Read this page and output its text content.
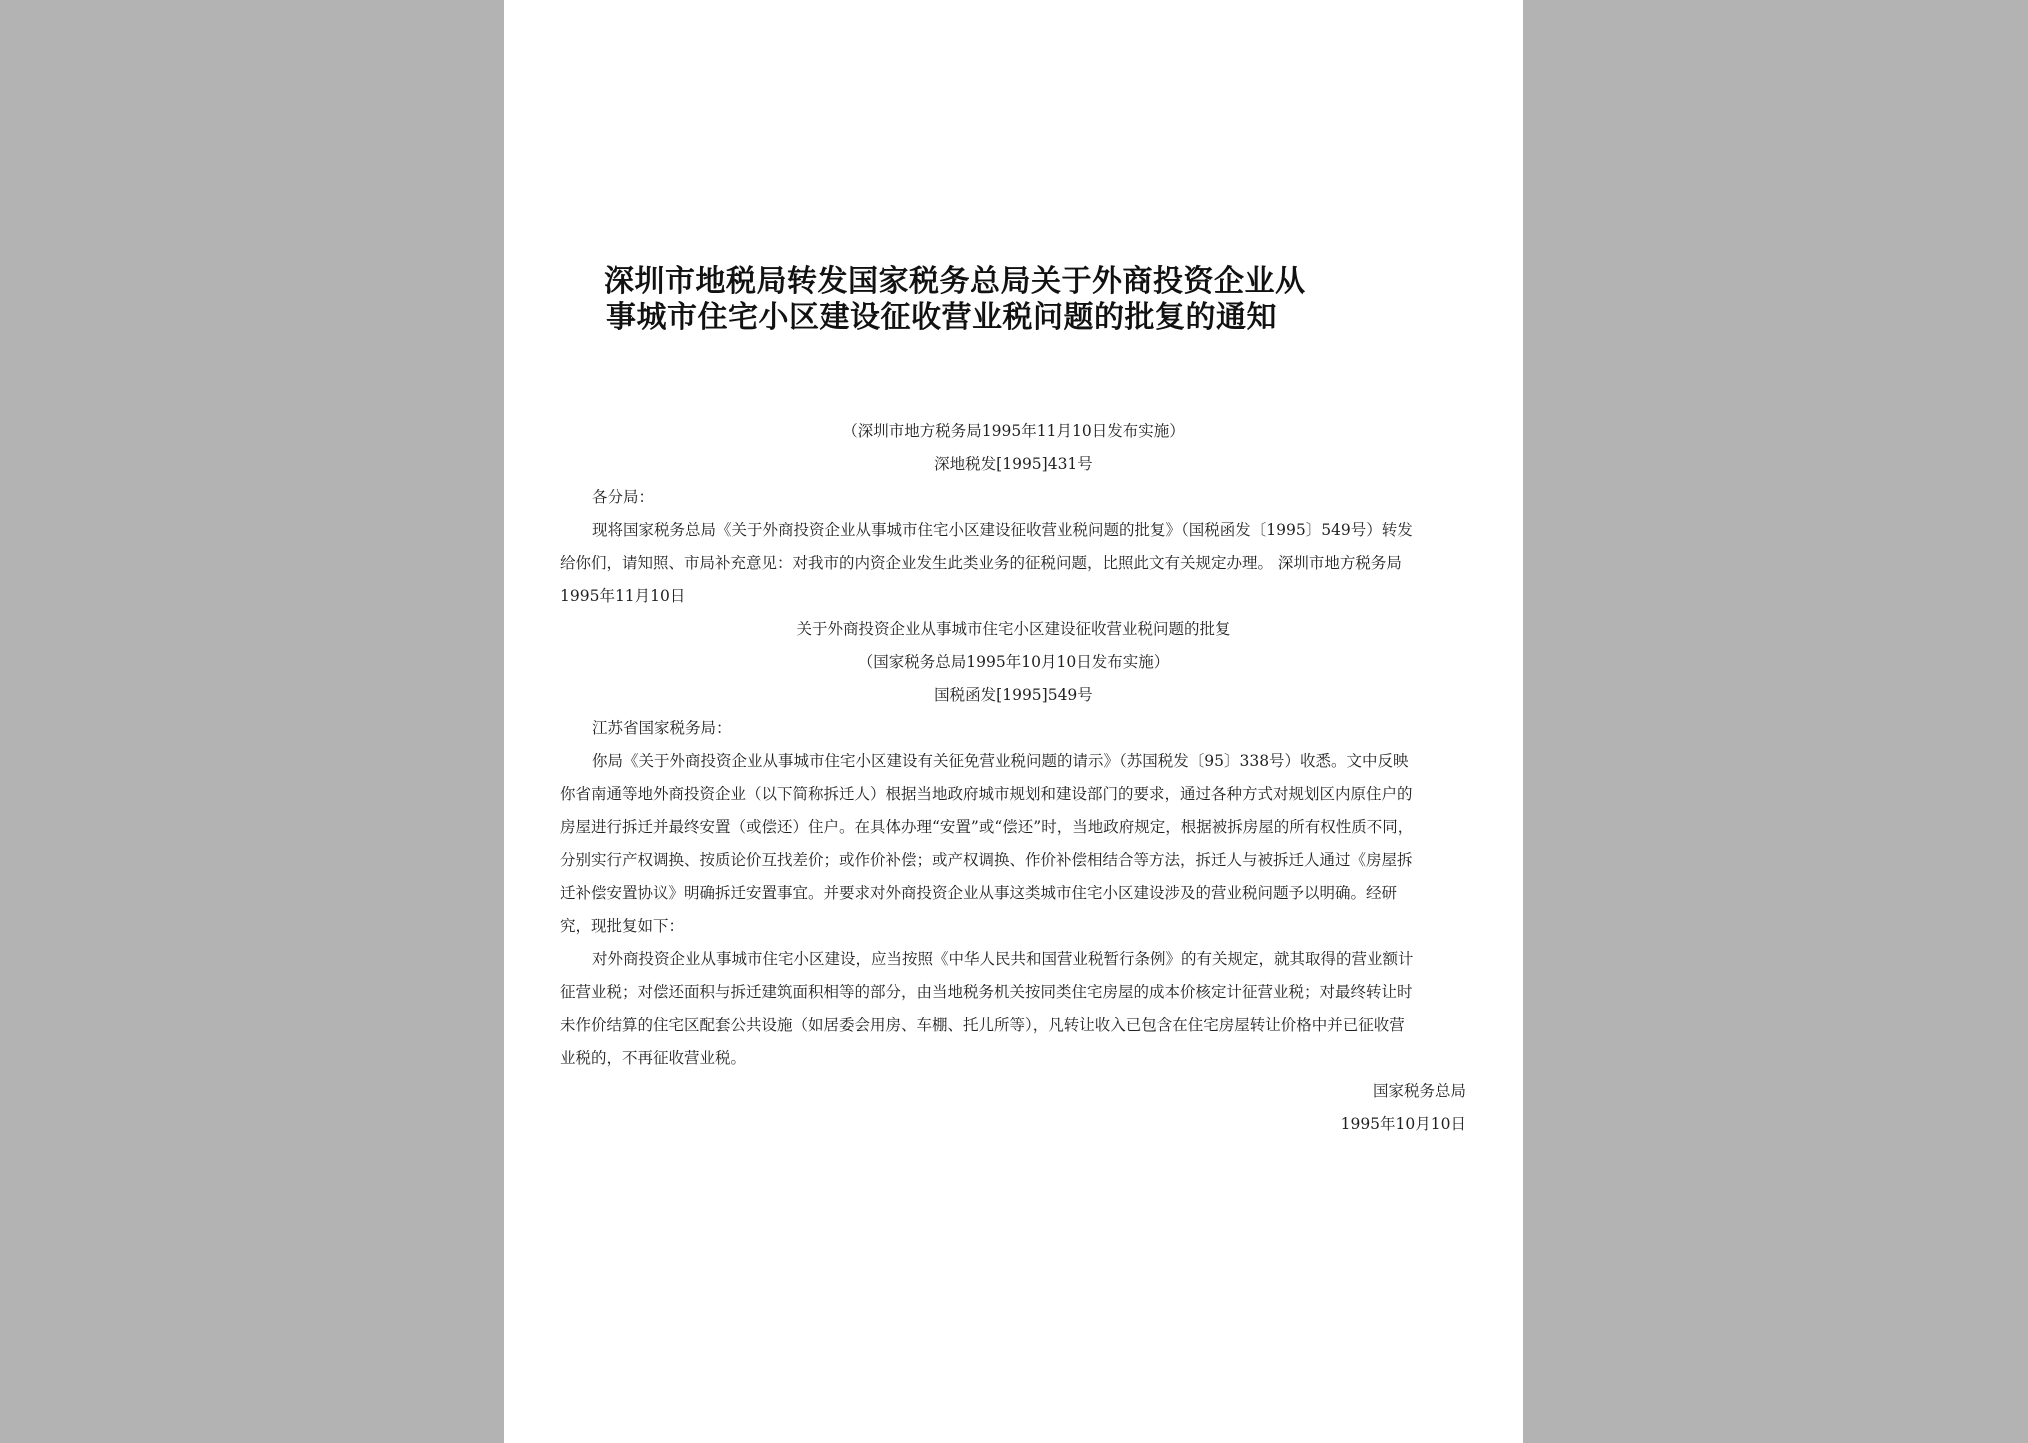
深圳市地税局转发国家税务总局关于外商投资企业从
事城市住宅小区建设征收营业税问题的批复的通知

（深圳市地方税务局1995年11月10日发布实施）

深地税发[1995]431号

各分局：

现将国家税务总局《关于外商投资企业从事城市住宅小区建设征收营业税问题的批复》（国税函发〔1995〕549号）转发

给你们，请知照、市局补充意见：对我市的内资企业发生此类业务的征税问题，比照此文有关规定办理。 深圳市地方税务局

1995年11月10日

关于外商投资企业从事城市住宅小区建设征收营业税问题的批复

（国家税务总局1995年10月10日发布实施）

国税函发[1995]549号

江苏省国家税务局：

你局《关于外商投资企业从事城市住宅小区建设有关征免营业税问题的请示》（苏国税发〔95〕338号）收悉。文中反映

你省南通等地外商投资企业（以下简称拆迁人）根据当地政府城市规划和建设部门的要求，通过各种方式对规划区内原住户的

房屋进行拆迁并最终安置（或偿还）住户。在具体办理“安置”或“偿还”时，当地政府规定，根据被拆房屋的所有权性质不同，

分别实行产权调换、按质论价互找差价；或作价补偿；或产权调换、作价补偿相结合等方法，拆迁人与被拆迁人通过《房屋拆

迁补偿安置协议》明确拆迁安置事宜。并要求对外商投资企业从事这类城市住宅小区建设涉及的营业税问题予以明确。经研

究，现批复如下：

对外商投资企业从事城市住宅小区建设，应当按照《中华人民共和国营业税暂行条例》的有关规定，就其取得的营业额计

征营业税；对偿还面积与拆迁建筑面积相等的部分，由当地税务机关按同类住宅房屋的成本价核定计征营业税；对最终转让时

未作价结算的住宅区配套公共设施（如居委会用房、车棚、托儿所等），凡转让收入已包含在住宅房屋转让价格中并已征收营

业税的，不再征收营业税。

国家税务总局

1995年10月10日
